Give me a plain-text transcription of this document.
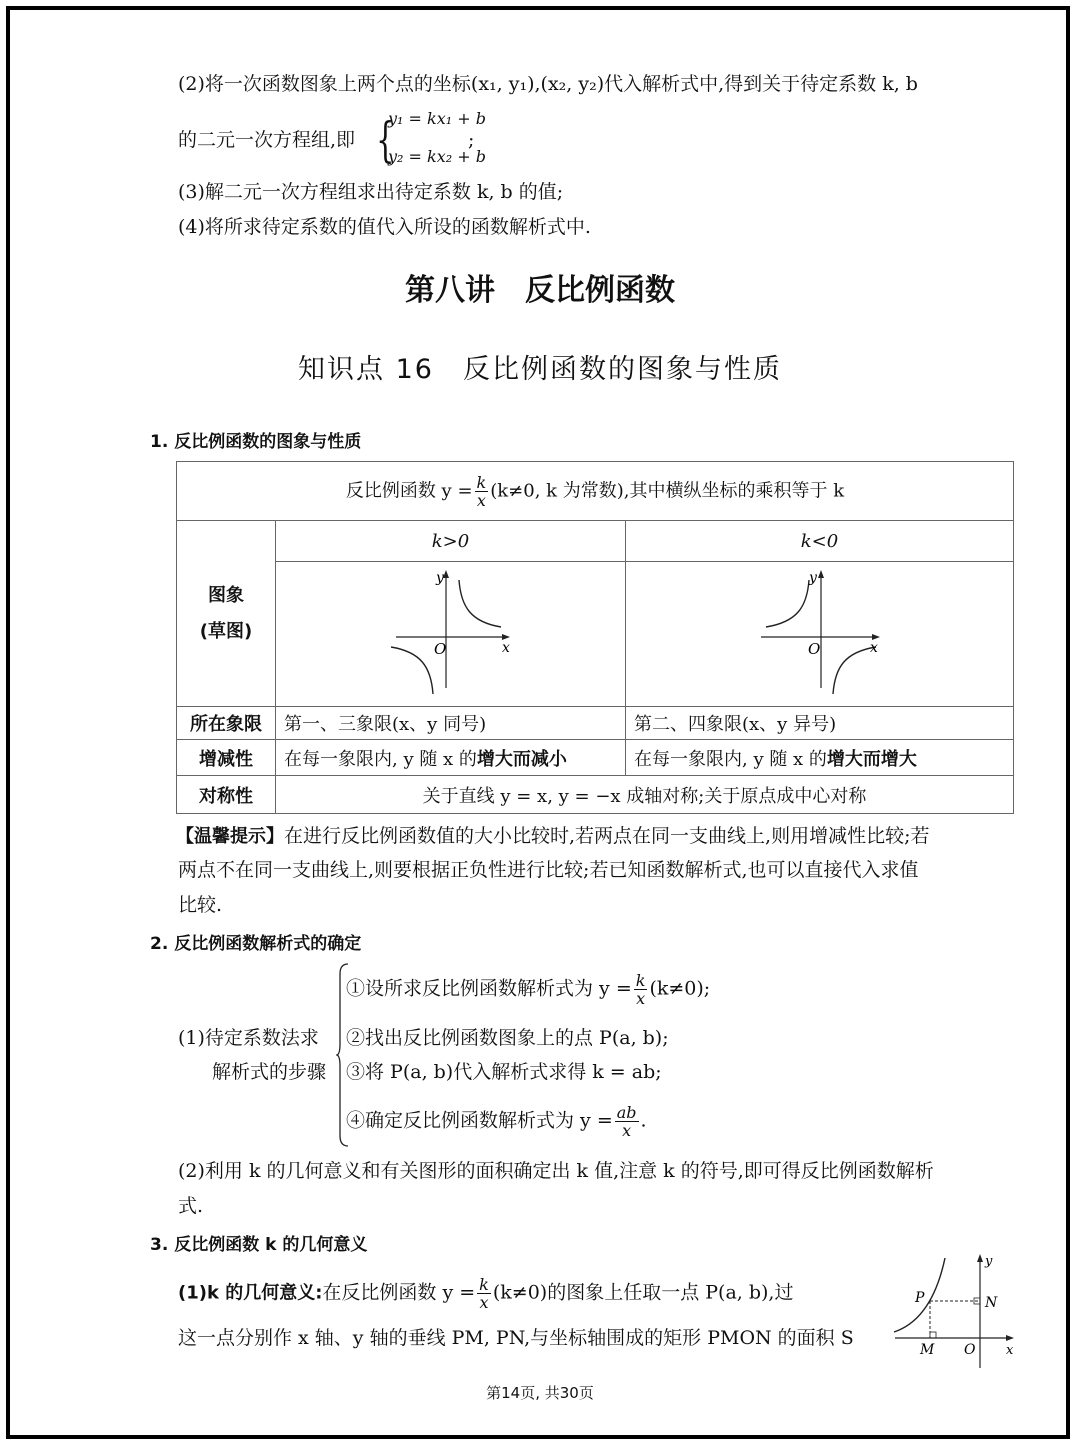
(2)将一次函数图象上两个点的坐标(x₁, y₁),(x₂, y₂)代入解析式中,得到关于待定系数 k, b
的二元一次方程组,即 {
y₁ = kx₁ + b
y₂ = kx₂ + b
;
(3)解二元一次方程组求出待定系数 k, b 的值;
(4)将所求待定系数的值代入所设的函数解析式中.
第八讲　反比例函数
知识点 16　反比例函数的图象与性质
1. 反比例函数的图象与性质
反比例函数 $y = \frac{k}{x} (k\ne 0$, k 为常数),其中横纵坐标的乘积等于 k		

图象
(草图)	k>0	k<0

y
x
O	y
x
O

所在象限	第一、三象限(x、y 同号)	第二、四象限(x、y 异号)
增减性	在每一象限内, y 随 x 的增大而减小	在每一象限内, y 随 x 的增大而增大
对称性	关于直线 y = x, y = −x 成轴对称;关于原点成中心对称	
【温馨提示】在进行反比例函数值的大小比较时,若两点在同一支曲线上,则用增减性比较;若
两点不在同一支曲线上,则要根据正负性进行比较;若已知函数解析式,也可以直接代入求值
比较.
2. 反比例函数解析式的确定
(1)待定系数法求
解析式的步骤
①设所求反比例函数解析式为 $y = \frac{k}{x} (k\ne 0)$;
②找出反比例函数图象上的点 P(a, b);
③将 P(a, b)代入解析式求得 k = ab;
④确定反比例函数解析式为 $y = \frac{ab}{x}$ .
(2)利用 k 的几何意义和有关图形的面积确定出 k 值,注意 k 的符号,即可得反比例函数解析
式.
3. 反比例函数 k 的几何意义
(1)k 的几何意义:在反比例函数 $y = \frac{k}{x} (k\ne 0)$的图象上任取一点 P(a, b),过
这一点分别作 x 轴、y 轴的垂线 PM, PN,与坐标轴围成的矩形 PMON 的面积 S
P	N
M O x
y
第14页, 共30页
